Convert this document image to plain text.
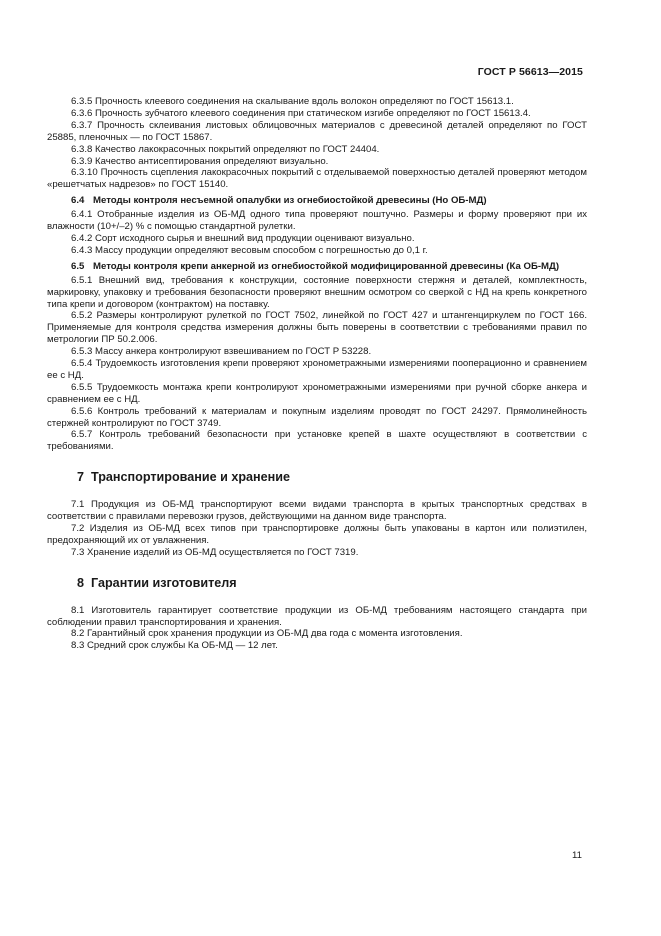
ГОСТ Р 56613—2015

6.3.5 Прочность клеевого соединения на скалывание вдоль волокон определяют по ГОСТ 15613.1.

6.3.6 Прочность зубчатого клеевого соединения при статическом изгибе определяют по ГОСТ 15613.4.

6.3.7 Прочность склеивания листовых облицовочных материалов с древесиной деталей определяют по ГОСТ 25885, пленочных — по ГОСТ 15867.

6.3.8 Качество лакокрасочных покрытий определяют по ГОСТ 24404.

6.3.9 Качество антисептирования определяют визуально.

6.3.10 Прочность сцепления лакокрасочных покрытий с отделываемой поверхностью деталей проверяют методом «решетчатых надрезов» по ГОСТ 15140.

6.4 Методы контроля несъемной опалубки из огнебиостойкой древесины (Но ОБ-МД)

6.4.1 Отобранные изделия из ОБ-МД одного типа проверяют поштучно. Размеры и форму проверяют при их влажности (10+/–2) % с помощью стандартной рулетки.

6.4.2 Сорт исходного сырья и внешний вид продукции оценивают визуально.

6.4.3 Массу продукции определяют весовым способом с погрешностью до 0,1 г.

6.5 Методы контроля крепи анкерной из огнебиостойкой модифицированной древесины (Ка ОБ-МД)

6.5.1 Внешний вид, требования к конструкции, состояние поверхности стержня и деталей, комплектность, маркировку, упаковку и требования безопасности проверяют внешним осмотром со сверкой с НД на крепь конкретного типа крепи и договором (контрактом) на поставку.

6.5.2 Размеры контролируют рулеткой по ГОСТ 7502, линейкой по ГОСТ 427 и штангенциркулем по ГОСТ 166. Применяемые для контроля средства измерения должны быть поверены в соответствии с требованиями правил по метрологии ПР 50.2.006.

6.5.3 Массу анкера контролируют взвешиванием по ГОСТ Р 53228.

6.5.4 Трудоемкость изготовления крепи проверяют хронометражными измерениями пооперационно и сравнением ее с НД.

6.5.5 Трудоемкость монтажа крепи контролируют хронометражными измерениями при ручной сборке анкера и сравнением ее с НД.

6.5.6 Контроль требований к материалам и покупным изделиям проводят по ГОСТ 24297. Прямолинейность стержней контролируют по ГОСТ 3749.

6.5.7 Контроль требований безопасности при установке крепей в шахте осуществляют в соответствии с требованиями.

7 Транспортирование и хранение

7.1 Продукция из ОБ-МД транспортируют всеми видами транспорта в крытых транспортных средствах в соответствии с правилами перевозки грузов, действующими на данном виде транспорта.

7.2 Изделия из ОБ-МД всех типов при транспортировке должны быть упакованы в картон или полиэтилен, предохраняющий их от увлажнения.

7.3 Хранение изделий из ОБ-МД осуществляется по ГОСТ 7319.

8 Гарантии изготовителя

8.1 Изготовитель гарантирует соответствие продукции из ОБ-МД требованиям настоящего стандарта при соблюдении правил транспортирования и хранения.

8.2 Гарантийный срок хранения продукции из ОБ-МД два года с момента изготовления.

8.3 Средний срок службы Ка ОБ-МД — 12 лет.

11
